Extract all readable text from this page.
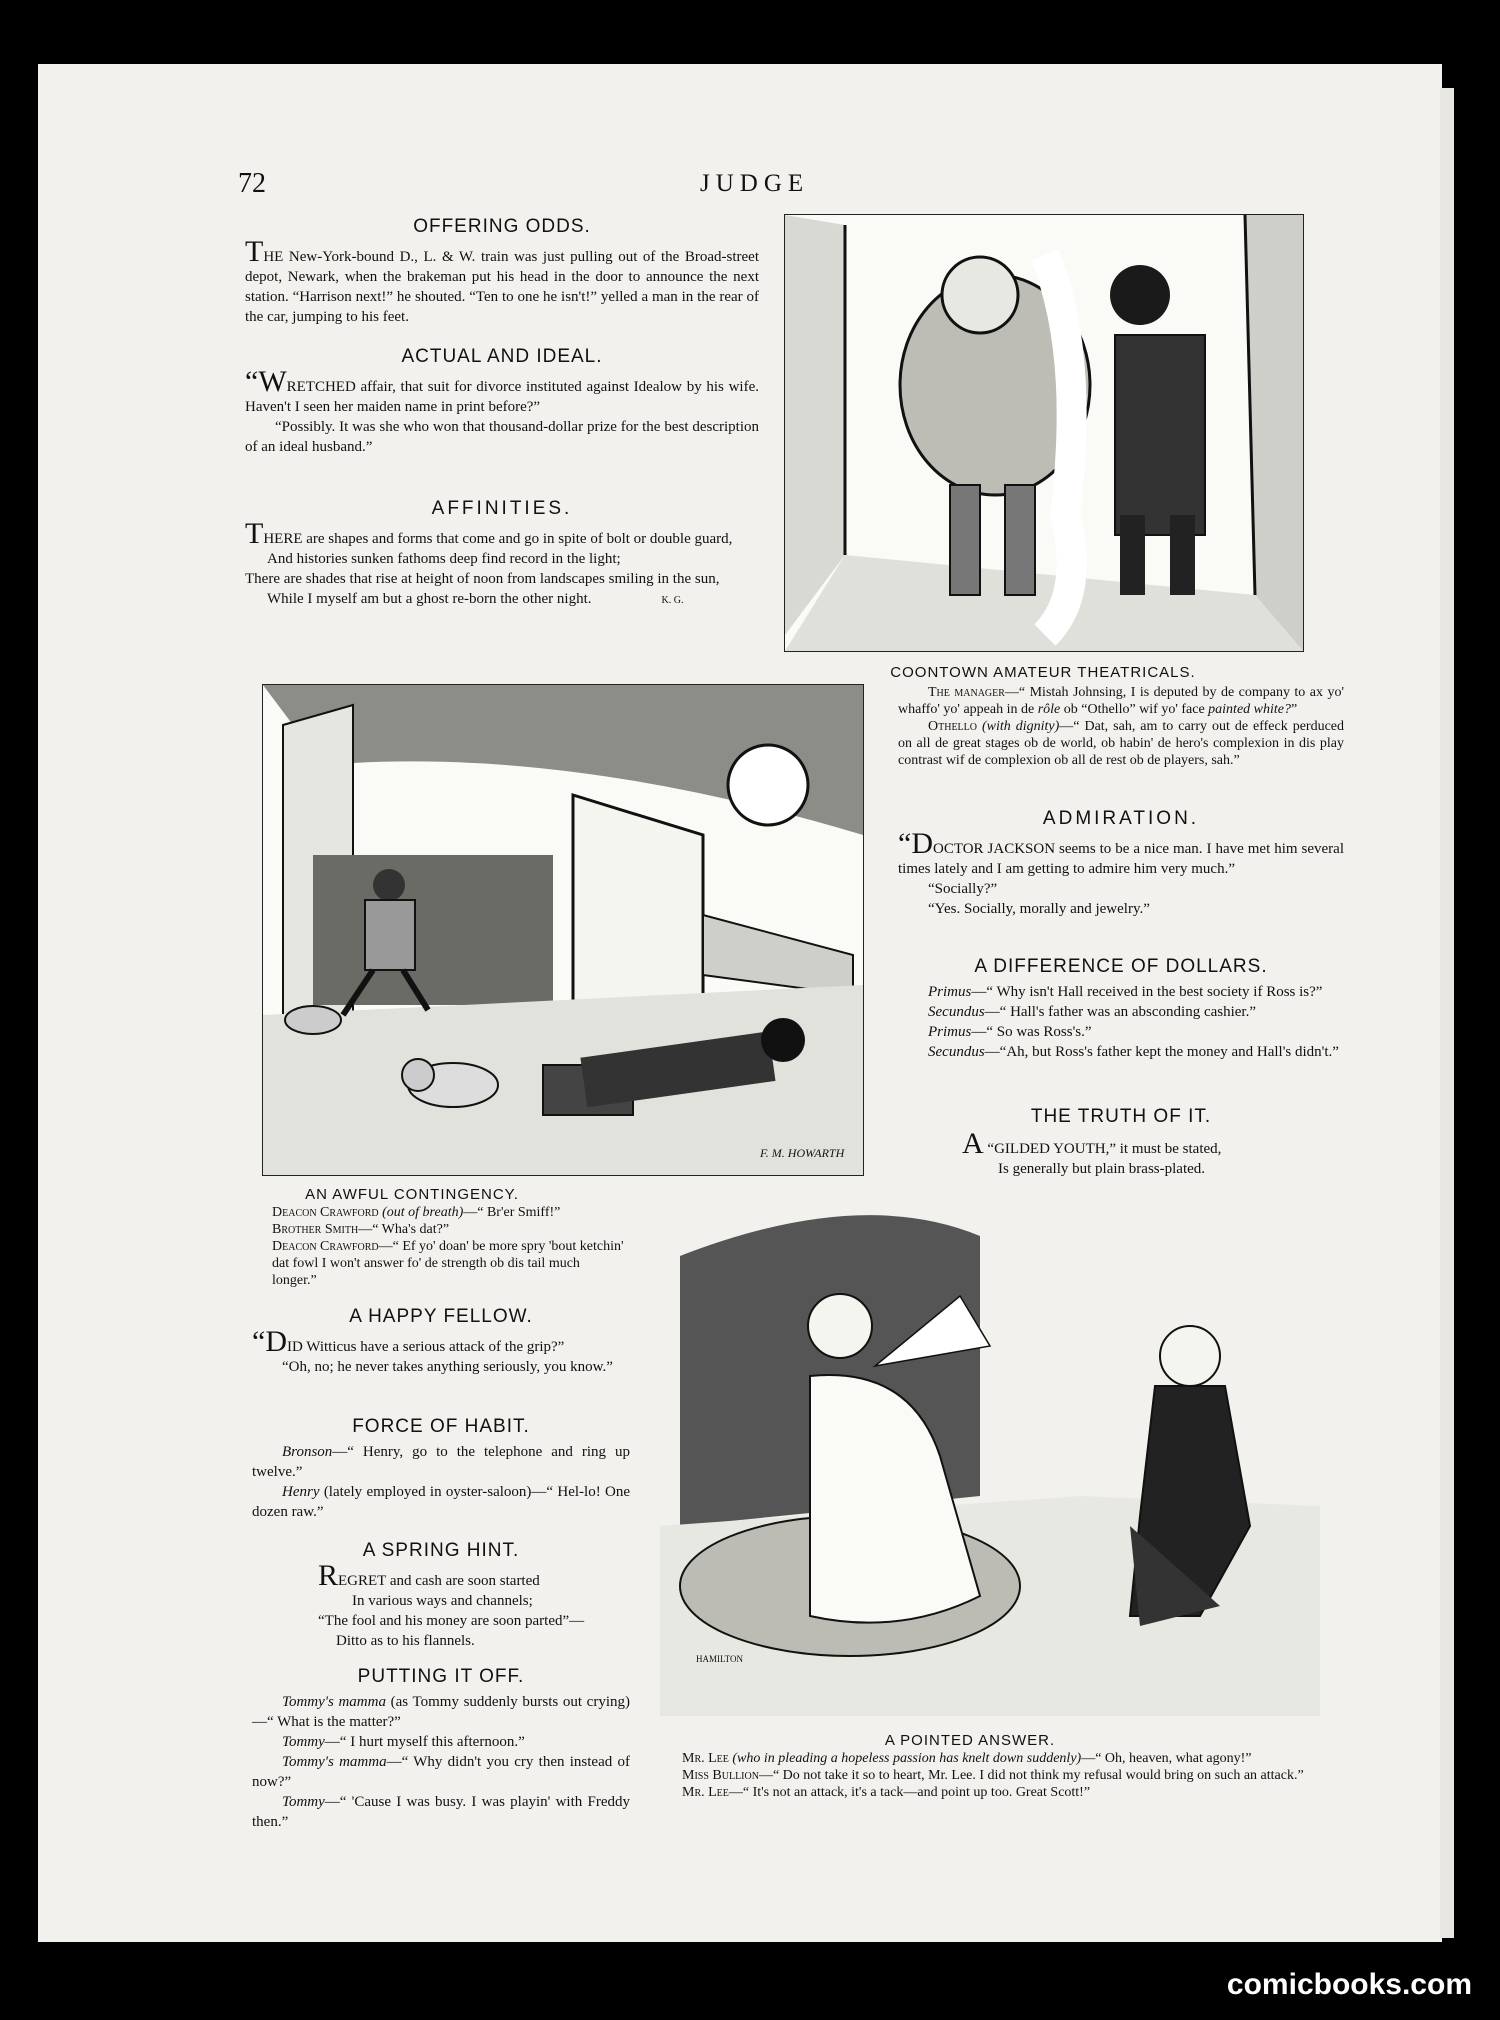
72	JUDGE
OFFERING ODDS.

THE New-York-bound D., L. & W. train was just pulling out of the Broad-street depot, Newark, when the brakeman put his head in the door to announce the next station. “Harrison next!” he shouted. “Ten to one he isn't!” yelled a man in the rear of the car, jumping to his feet.

ACTUAL AND IDEAL.

“WRETCHED affair, that suit for divorce instituted against Idealow by his wife. Haven't I seen her maiden name in print before?”

“Possibly. It was she who won that thousand-dollar prize for the best description of an ideal husband.”

AFFINITIES.

THERE are shapes and forms that come and go in spite of bolt or double guard,

And histories sunken fathoms deep find record in the light;

There are shades that rise at height of noon from landscapes smiling in the sun,

While I myself am but a ghost re-born the other night.	K. G.

COONTOWN AMATEUR THEATRICALS.
The manager—“ Mistah Johnsing, I is deputed by de company to ax yo' whaffo' yo' appeah in de rôle ob “Othello” wif yo' face painted white?”
Othello (with dignity)—“ Dat, sah, am to carry out de effeck perduced on all de great stages ob de world, ob habin' de hero's complexion in dis play contrast wif de complexion ob all de rest ob de players, sah.”
ADMIRATION.

“DOCTOR JACKSON seems to be a nice man. I have met him several times lately and I am getting to admire him very much.”

“Socially?”

“Yes. Socially, morally and jewelry.”

A DIFFERENCE OF DOLLARS.

Primus—“ Why isn't Hall received in the best society if Ross is?”

Secundus—“ Hall's father was an absconding cashier.”

Primus—“ So was Ross's.”

Secundus—“Ah, but Ross's father kept the money and Hall's didn't.”

THE TRUTH OF IT.

A “GILDED YOUTH,” it must be stated,

Is generally but plain brass-plated.

F. M. HOWARTH
AN AWFUL CONTINGENCY.
Deacon Crawford (out of breath)—“ Br'er Smiff!”
Brother Smith—“ Wha's dat?”
Deacon Crawford—“ Ef yo' doan' be more spry 'bout ketchin' dat fowl I won't answer fo' de strength ob dis tail much longer.”
A HAPPY FELLOW.

“DID Witticus have a serious attack of the grip?”

“Oh, no; he never takes anything seriously, you know.”

FORCE OF HABIT.

Bronson—“ Henry, go to the telephone and ring up twelve.”

Henry (lately employed in oyster-saloon)—“ Hel-lo! One dozen raw.”

A SPRING HINT.

REGRET and cash are soon started

In various ways and channels;

“The fool and his money are soon parted”—

Ditto as to his flannels.

PUTTING IT OFF.

Tommy's mamma (as Tommy suddenly bursts out crying)—“ What is the matter?”

Tommy—“ I hurt myself this afternoon.”

Tommy's mamma—“ Why didn't you cry then instead of now?”

Tommy—“ 'Cause I was busy. I was playin' with Freddy then.”

HAMILTON
A POINTED ANSWER.
Mr. Lee (who in pleading a hopeless passion has knelt down suddenly)—“ Oh, heaven, what agony!”
Miss Bullion—“ Do not take it so to heart, Mr. Lee. I did not think my refusal would bring on such an attack.”
Mr. Lee—“ It's not an attack, it's a tack—and point up too. Great Scott!”
comicbooks.com
